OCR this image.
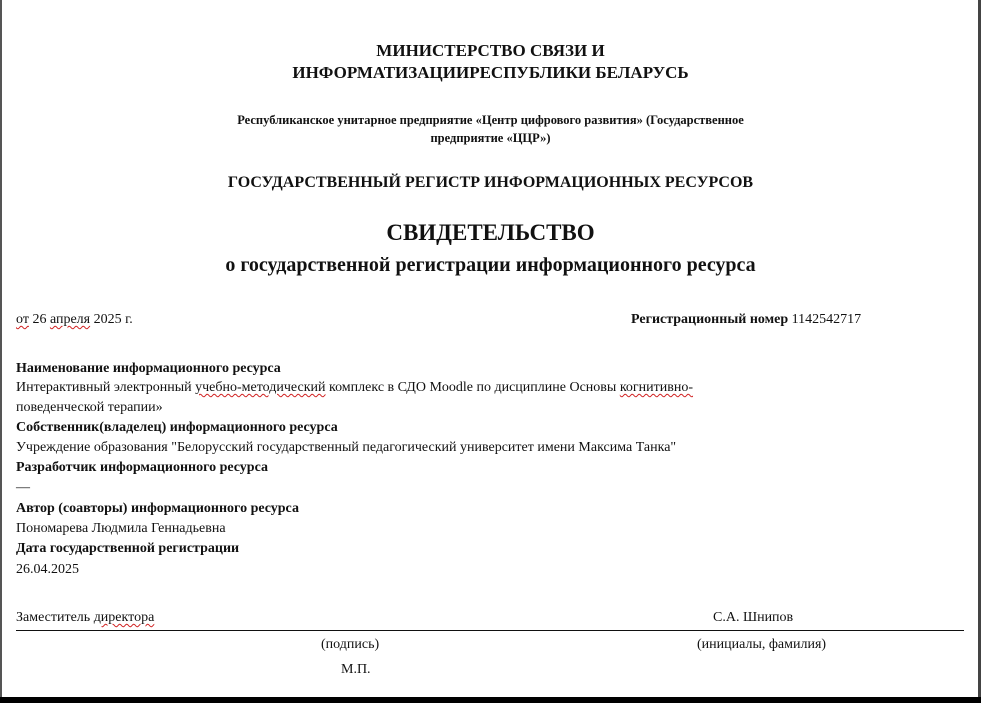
МИНИСТЕРСТВО СВЯЗИ И
ИНФОРМАТИЗАЦИИРЕСПУБЛИКИ БЕЛАРУСЬ
Республиканское унитарное предприятие «Центр цифрового развития» (Государственное
предприятие «ЦЦР»)
ГОСУДАРСТВЕННЫЙ РЕГИСТР ИНФОРМАЦИОННЫХ РЕСУРСОВ
СВИДЕТЕЛЬСТВО
о государственной регистрации информационного ресурса
от 26 апреля 2025 г.	Регистрационный номер 1142542717
Наименование информационного ресурса
Интерактивный электронный учебно-методический комплекс в СДО Moodle по дисциплине Основы когнитивно-
поведенческой терапии»
Собственник(владелец) информационного ресурса
Учреждение образования "Белорусский государственный педагогический университет имени Максима Танка"
Разработчик информационного ресурса
—
Автор (соавторы) информационного ресурса
Пономарева Людмила Геннадьевна
Дата государственной регистрации
26.04.2025
Заместитель директора	С.А. Шнипов
(подпись)	(инициалы, фамилия)
М.П.
